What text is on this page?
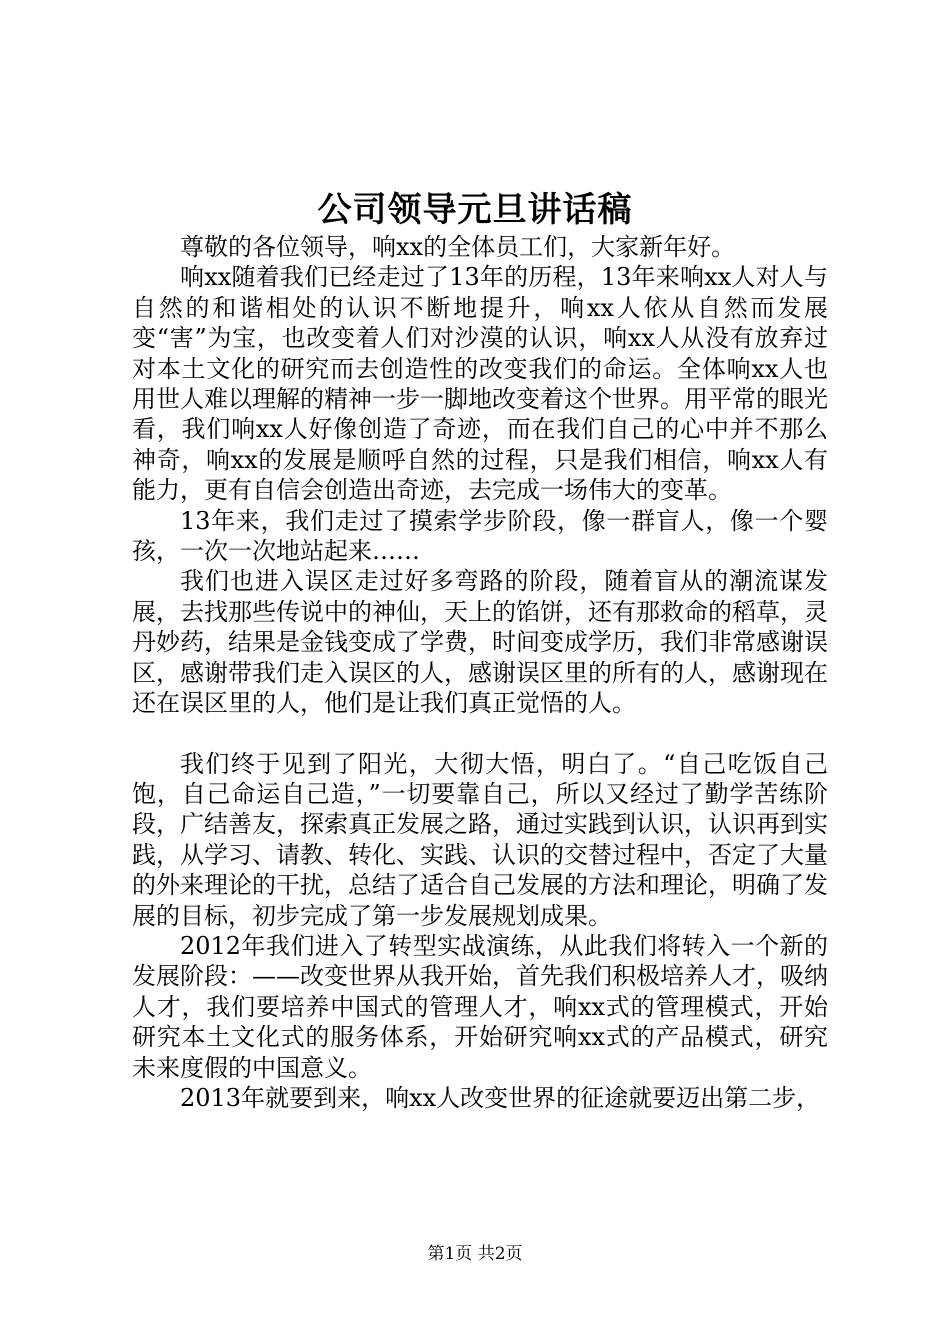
公司领导元旦讲话稿

尊敬的各位领导，响xx的全体员工们，大家新年好。

响xx随着我们已经走过了13年的历程，13年来响xx人对人与自然的和谐相处的认识不断地提升，响xx人依从自然而发展变“害”为宝，也改变着人们对沙漠的认识，响xx人从没有放弃过对本土文化的研究而去创造性的改变我们的命运。全体响xx人也用世人难以理解的精神一步一脚地改变着这个世界。用平常的眼光看，我们响xx人好像创造了奇迹，而在我们自己的心中并不那么神奇，响xx的发展是顺呼自然的过程，只是我们相信，响xx人有能力，更有自信会创造出奇迹，去完成一场伟大的变革。

13年来，我们走过了摸索学步阶段，像一群盲人，像一个婴孩，一次一次地站起来……

我们也进入误区走过好多弯路的阶段，随着盲从的潮流谋发展，去找那些传说中的神仙，天上的馅饼，还有那救命的稻草，灵丹妙药，结果是金钱变成了学费，时间变成学历，我们非常感谢误区，感谢带我们走入误区的人，感谢误区里的所有的人，感谢现在还在误区里的人，他们是让我们真正觉悟的人。

我们终于见到了阳光，大彻大悟，明白了。“自己吃饭自己饱，自己命运自己造，”一切要靠自己，所以又经过了勤学苦练阶段，广结善友，探索真正发展之路，通过实践到认识，认识再到实践，从学习、请教、转化、实践、认识的交替过程中，否定了大量的外来理论的干扰，总结了适合自己发展的方法和理论，明确了发展的目标，初步完成了第一步发展规划成果。

2012年我们进入了转型实战演练，从此我们将转入一个新的发展阶段：——改变世界从我开始，首先我们积极培养人才，吸纳人才，我们要培养中国式的管理人才，响xx式的管理模式，开始研究本土文化式的服务体系，开始研究响xx式的产品模式，研究未来度假的中国意义。

2013年就要到来，响xx人改变世界的征途就要迈出第二步，

第1页 共2页
